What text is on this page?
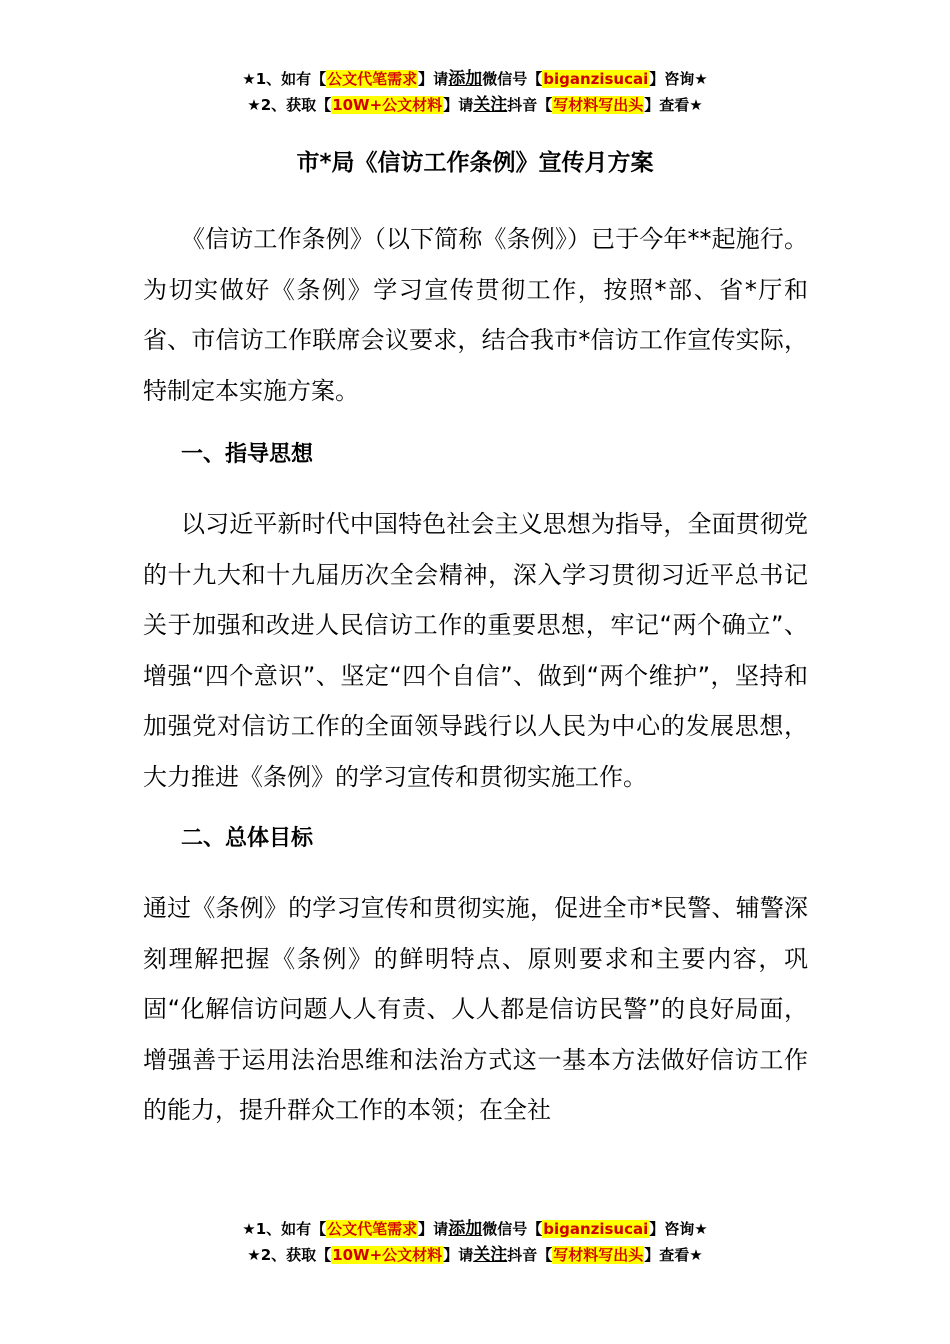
★1、如有【公文代笔需求】请添加微信号【biganzisucai】咨询★
★2、获取【10W+公文材料】请关注抖音【写材料写出头】查看★
市*局《信访工作条例》宣传月方案

《信访工作条例》（以下简称《条例》）已于今年**起施行。为切实做好《条例》学习宣传贯彻工作，按照*部、省*厅和省、市信访工作联席会议要求，结合我市*信访工作宣传实际，特制定本实施方案。

一、指导思想

以习近平新时代中国特色社会主义思想为指导，全面贯彻党的十九大和十九届历次全会精神，深入学习贯彻习近平总书记关于加强和改进人民信访工作的重要思想，牢记“两个确立”、增强“四个意识”、坚定“四个自信”、做到“两个维护”，坚持和加强党对信访工作的全面领导践行以人民为中心的发展思想，大力推进《条例》的学习宣传和贯彻实施工作。

二、总体目标

通过《条例》的学习宣传和贯彻实施，促进全市*民警、辅警深刻理解把握《条例》的鲜明特点、原则要求和主要内容，巩固“化解信访问题人人有责、人人都是信访民警”的良好局面，增强善于运用法治思维和法治方式这一基本方法做好信访工作的能力，提升群众工作的本领；在全社

★1、如有【公文代笔需求】请添加微信号【biganzisucai】咨询★
★2、获取【10W+公文材料】请关注抖音【写材料写出头】查看★
